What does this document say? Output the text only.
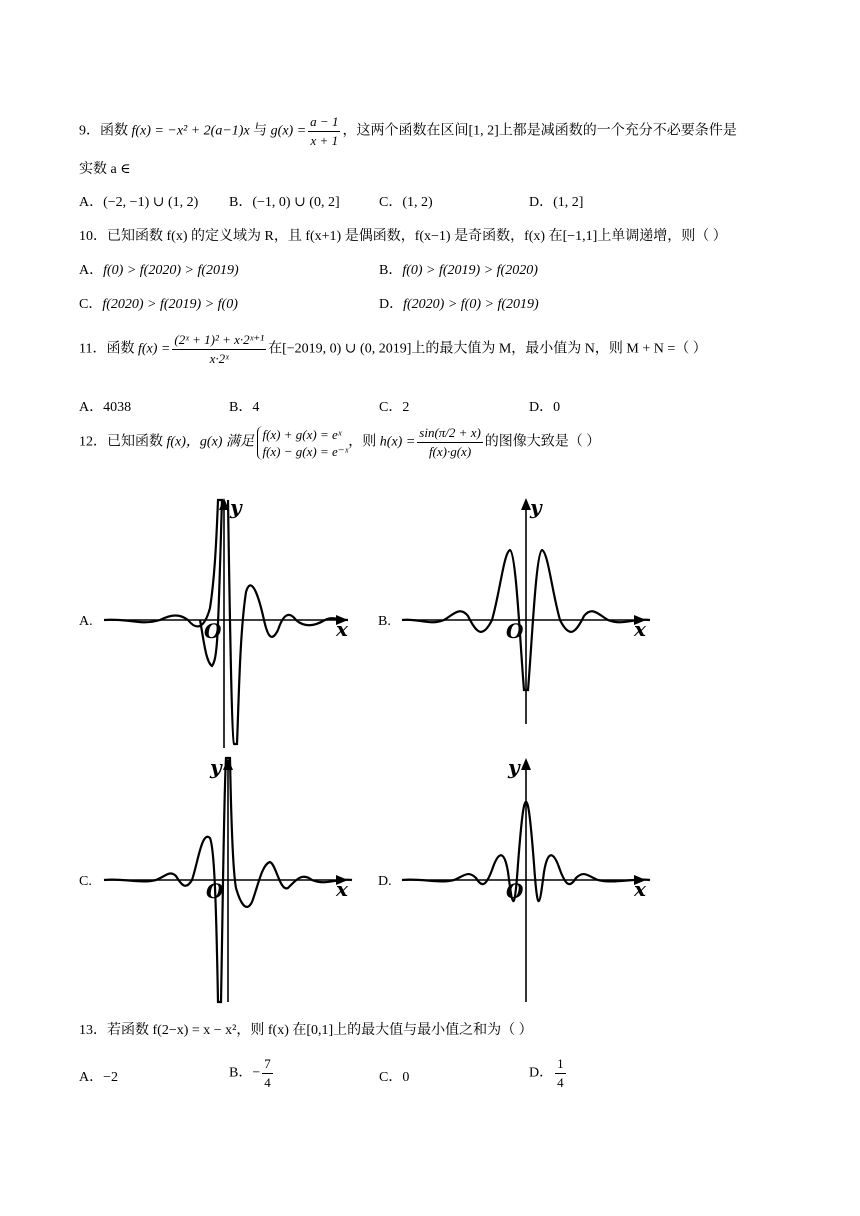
9．函数 f(x) = −x² + 2(a−1)x 与 $g(x) = \frac{a - 1}{x + 1}$ ，这两个函数在区间[1, 2]上都是减函数的一个充分不必要条件是
实数 a ∈
A．(−2, −1) ∪ (1, 2) B．(−1, 0) ∪ (0, 2]	C．(1, 2)	D．(1, 2]
10．已知函数 f(x) 的定义域为 R，且 f(x+1) 是偶函数，f(x−1) 是奇函数，f(x) 在[−1,1]上单调递增，则（ ）
A．f(0) > f(2020) > f(2019)	B．f(0) > f(2019) > f(2020)
C．f(2020) > f(2019) > f(0)	D．f(2020) > f(0) > f(2019)
11．函数 $f(x) = \frac{\text{(2ˣ + 1)² + x·2ˣ⁺¹}}{\text{x·2ˣ}}$ 在[−2019, 0) ∪ (0, 2019]上的最大值为 M，最小值为 N，则 M + N =（ ）
A．4038	B．4	C．2	D．0
12．已知函数 f(x)，g(x) 满足 f(x) + g(x) = eˣ
f(x) − g(x) = e⁻ˣ，则 $h(x) = \frac{\sin(\pi/2 + x)}{f(x)\cdot g(x)}$ 的图像大致是（ ）
A.
y
x
O	B.
y
x
O
C.
y
x
O	D.
y
x
O
13．若函数 f(2−x) = x − x²，则 f(x) 在[0,1]上的最大值与最小值之和为（ ）
A．−2	B．− $\frac{7}{4}$	C．0	D． $\frac{1}{4}$
